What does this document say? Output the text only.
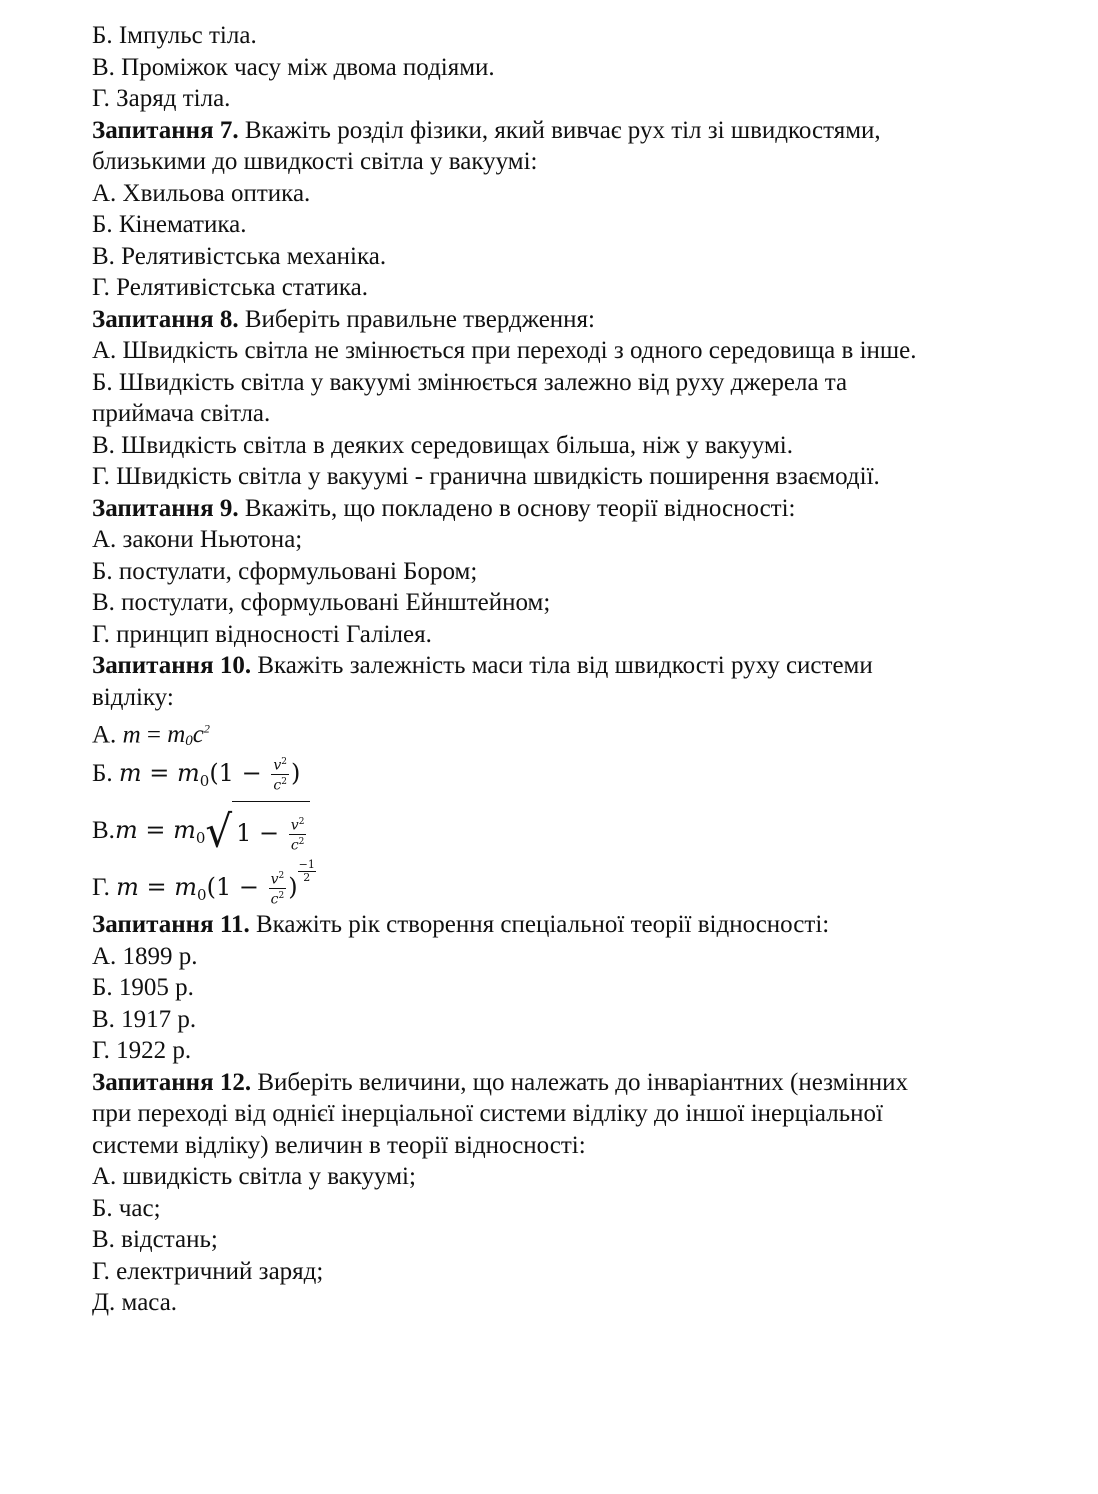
Б. Імпульс тіла.
В. Проміжок часу між двома подіями.
Г. Заряд тіла.
Запитання 7. Вкажіть розділ фізики, який вивчає рух тіл зі швидкостями,
близькими до швидкості світла у вакуумі:
А. Хвильова оптика.
Б. Кінематика.
В. Релятивістська механіка.
Г. Релятивістська статика.
Запитання 8. Виберіть правильне твердження:
А. Швидкість світла не змінюється при переході з одного середовища в інше.
Б. Швидкість світла у вакуумі змінюється залежно від руху джерела та
приймача світла.
В. Швидкість світла в деяких середовищах більша, ніж у вакуумі.
Г. Швидкість світла у вакуумі - гранична швидкість поширення взаємодії.
Запитання 9. Вкажіть, що покладено в основу теорії відносності:
А. закони Ньютона;
Б. постулати, сформульовані Бором;
В. постулати, сформульовані Ейнштейном;
Г. принцип відносності Галілея.
Запитання 10. Вкажіть залежність маси тіла від швидкості руху системи
відліку:
А. $m = m0c^2$
Б. $m = m_0(1 - \frac{v^2}{c^2}$ )
$В.m = m_0√$ $1 - \frac{v^2}{c^2}$
Г. $m = m_0(1 - \frac{v^2}{c^2}$ )
$\frac{-1}{2}$
Запитання 11. Вкажіть рік створення спеціальної теорії відносності:
А. 1899 р.
Б. 1905 р.
В. 1917 р.
Г. 1922 р.
Запитання 12. Виберіть величини, що належать до інваріантних (незмінних
при переході від однієї інерціальної системи відліку до іншої інерціальної
системи відліку) величин в теорії відносності:
А. швидкість світла у вакуумі;
Б. час;
В. відстань;
Г. електричний заряд;
Д. маса.
